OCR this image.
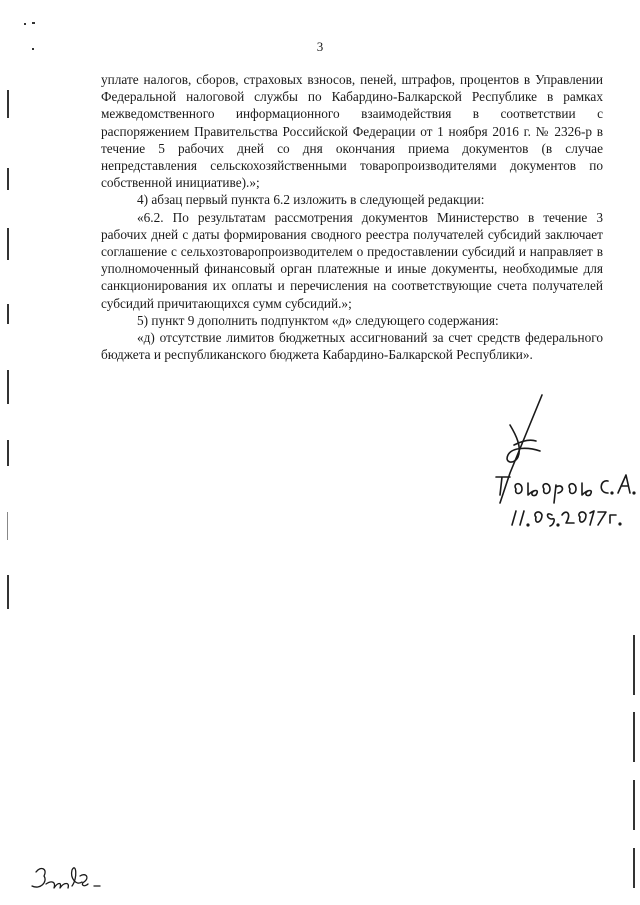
3

уплате налогов, сборов, страховых взносов, пеней, штрафов, процентов в Управлении Федеральной налоговой службы по Кабардино-Балкарской Республике в рамках межведомственного информационного взаимодействия в соответствии с распоряжением Правительства Российской Федерации от 1 ноября 2016 г. № 2326-р в течение 5 рабочих дней со дня окончания приема документов (в случае непредставления сельскохозяйственными товаропроизводителями документов по собственной инициативе).»;

4) абзац первый пункта 6.2 изложить в следующей редакции:

«6.2. По результатам рассмотрения документов Министерство в течение 3 рабочих дней с даты формирования сводного реестра получателей субсидий заключает соглашение с сельхозтоваропроизводителем о предоставлении субсидий и направляет в уполномоченный финансовый орган платежные и иные документы, необходимые для санкционирования их оплаты и перечисления на соответствующие счета получателей субсидий причитающихся сумм субсидий.»;

5) пункт 9 дополнить подпунктом «д» следующего содержания:

«д) отсутствие лимитов бюджетных ассигнований за счет средств федерального бюджета и республиканского бюджета Кабардино-Балкарской Республики».
